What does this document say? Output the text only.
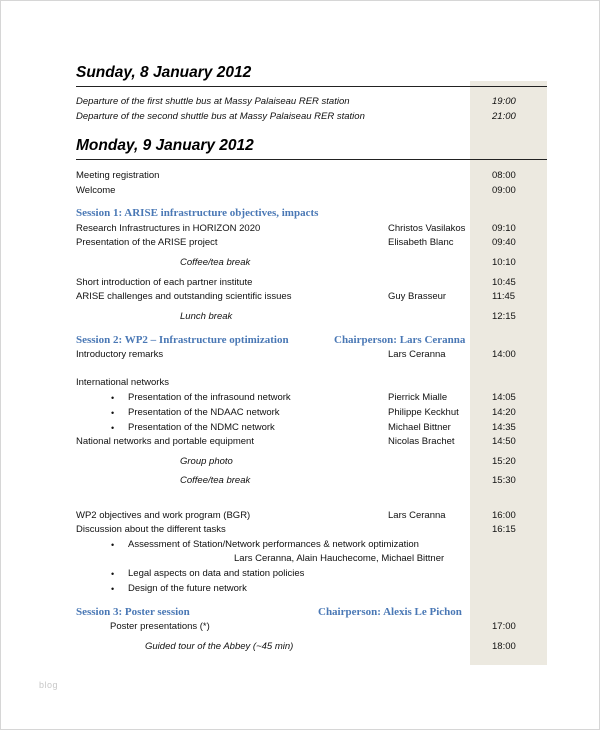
Sunday, 8 January 2012
Departure of the first shuttle bus at Massy Palaiseau RER station	19:00
Departure of the second shuttle bus at Massy Palaiseau RER station	21:00
Monday, 9 January 2012
Meeting registration	08:00
Welcome	09:00
Session 1: ARISE infrastructure objectives, impacts
Research Infrastructures in HORIZON 2020	Christos Vasilakos	09:10
Presentation of the ARISE project	Elisabeth Blanc	09:40
Coffee/tea break	10:10
Short introduction of each partner institute	10:45
ARISE challenges and outstanding scientific issues	Guy Brasseur	11:45
Lunch break	12:15
Session 2: WP2 – Infrastructure optimization	Chairperson: Lars Ceranna
Introductory remarks	Lars Ceranna	14:00
International networks
• Presentation of the infrasound network	Pierrick Mialle	14:05
• Presentation of the NDAAC network	Philippe Keckhut	14:20
• Presentation of the NDMC network	Michael Bittner	14:35
National networks and portable equipment	Nicolas Brachet	14:50
Group photo	15:20
Coffee/tea break	15:30
WP2 objectives and work program (BGR)	Lars Ceranna	16:00
Discussion about the different tasks	16:15
• Assessment of Station/Network performances & network optimization
Lars Ceranna, Alain Hauchecome, Michael Bittner
• Legal aspects on data and station policies
• Design of the future network
Session 3: Poster session	Chairperson: Alexis Le Pichon
Poster presentations (*)	17:00
Guided tour of the Abbey (~45 min)	18:00
blog
